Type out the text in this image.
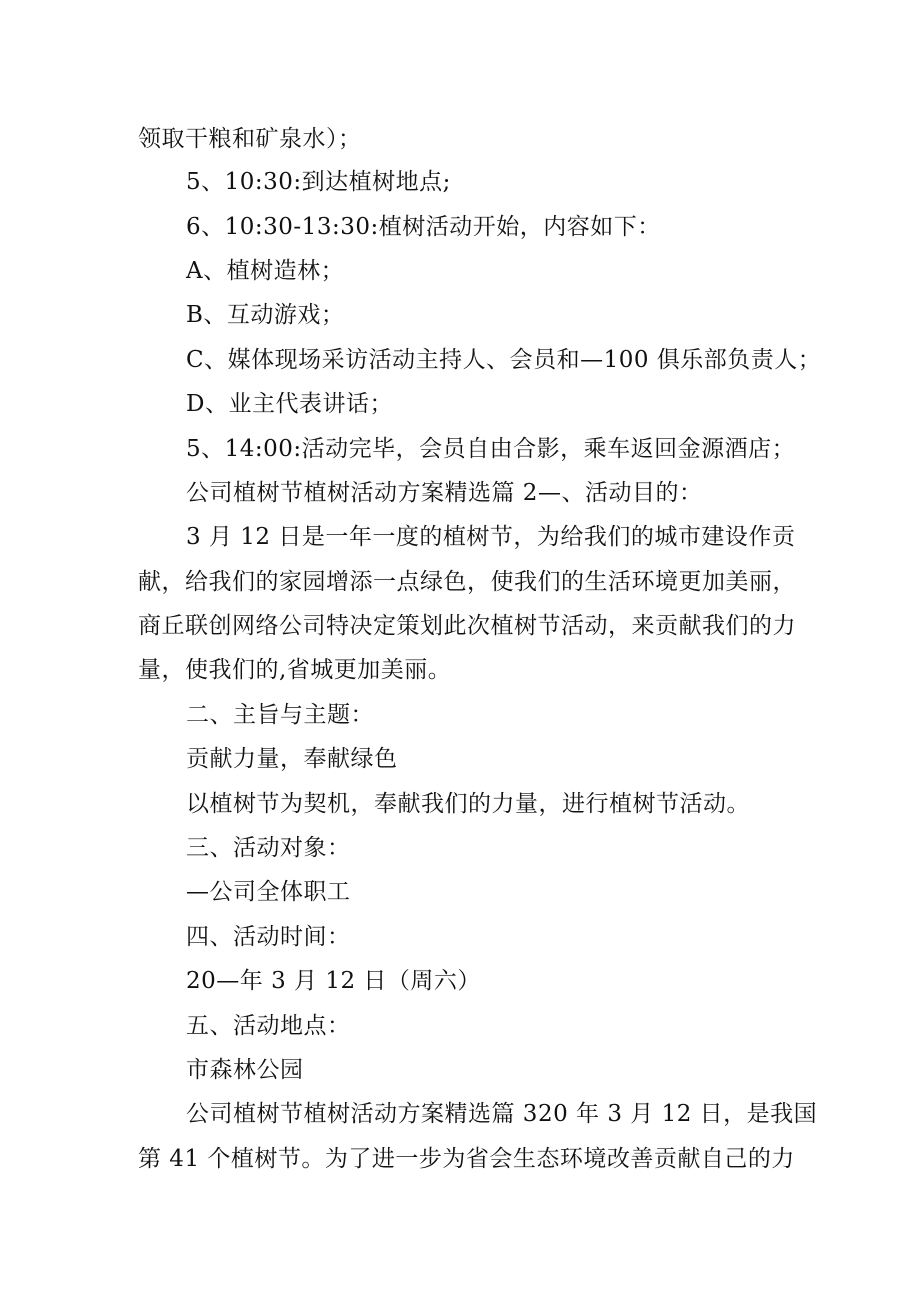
领取干粮和矿泉水）；
5、10:30:到达植树地点;
6、10:30-13:30:植树活动开始，内容如下：
A、植树造林；
B、互动游戏；
C、媒体现场采访活动主持人、会员和—100 俱乐部负责人；
D、业主代表讲话；
5、14:00:活动完毕，会员自由合影，乘车返回金源酒店；
公司植树节植树活动方案精选篇 2—、活动目的：
3 月 12 日是一年一度的植树节，为给我们的城市建设作贡
献，给我们的家园增添一点绿色，使我们的生活环境更加美丽，
商丘联创网络公司特决定策划此次植树节活动，来贡献我们的力
量，使我们的,省城更加美丽。
二、主旨与主题：
贡献力量，奉献绿色
以植树节为契机，奉献我们的力量，进行植树节活动。
三、活动对象：
—公司全体职工
四、活动时间：
20—年 3 月 12 日（周六）
五、活动地点：
市森林公园
公司植树节植树活动方案精选篇 320 年 3 月 12 日，是我国
第 41 个植树节。为了进一步为省会生态环境改善贡献自己的力
